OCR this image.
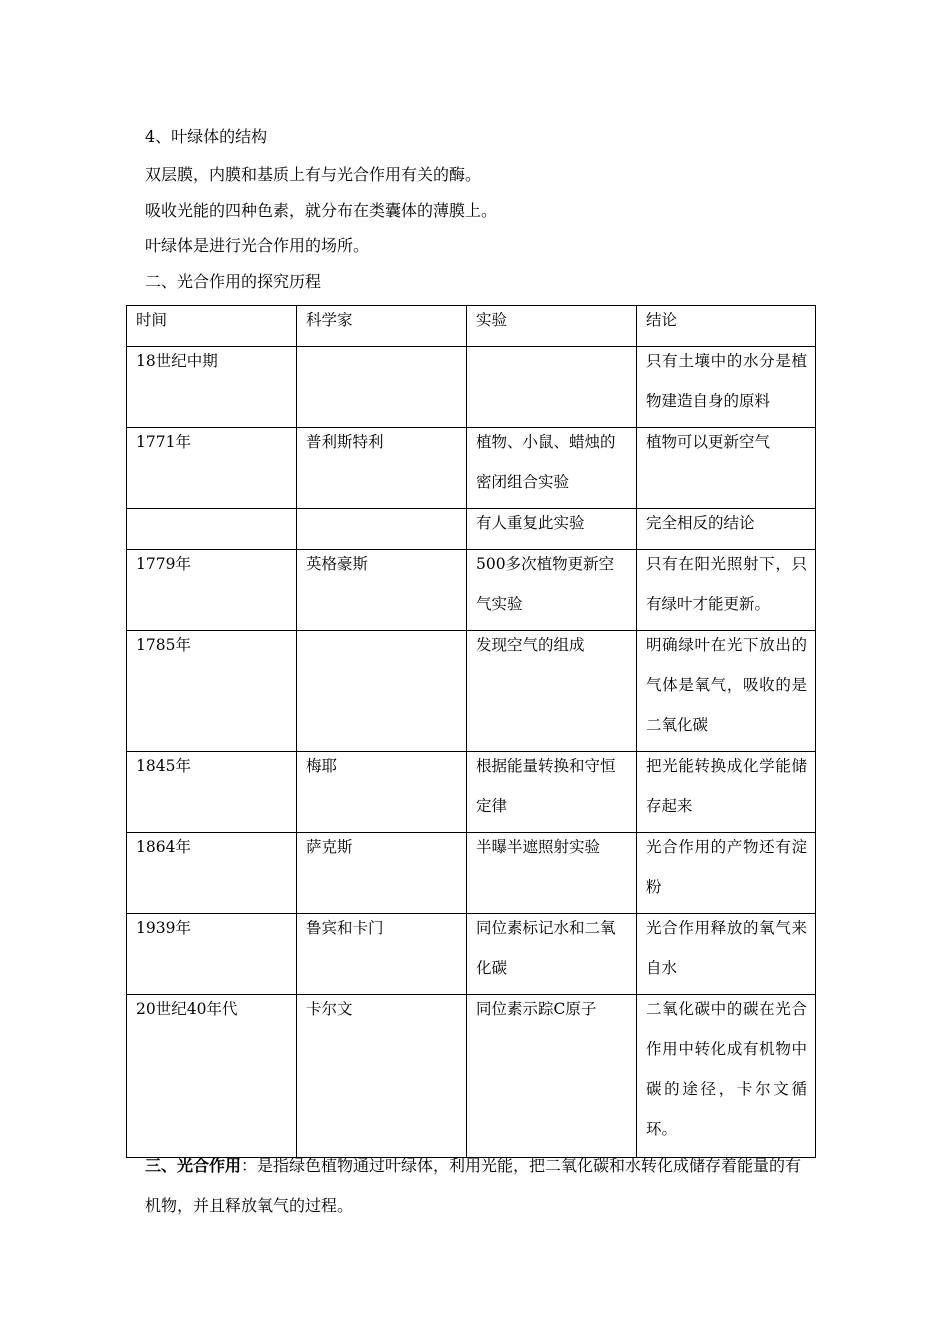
4、叶绿体的结构
双层膜，内膜和基质上有与光合作用有关的酶。
吸收光能的四种色素，就分布在类囊体的薄膜上。
叶绿体是进行光合作用的场所。
二、光合作用的探究历程
时间	科学家	实验	结论

18世纪中期			只有土壤中的水分是植物建造自身的原料

1771年	普利斯特利	植物、小鼠、蜡烛的密闭组合实验	植物可以更新空气

		有人重复此实验	完全相反的结论

1779年	英格豪斯	500多次植物更新空气实验	只有在阳光照射下，只有绿叶才能更新。

1785年		发现空气的组成	明确绿叶在光下放出的气体是氧气，吸收的是二氧化碳

1845年	梅耶	根据能量转换和守恒定律	把光能转换成化学能储存起来

1864年	萨克斯	半曝半遮照射实验	光合作用的产物还有淀粉

1939年	鲁宾和卡门	同位素标记水和二氧化碳	光合作用释放的氧气来自水

20世纪40年代	卡尔文	同位素示踪C原子	二氧化碳中的碳在光合作用中转化成有机物中碳的途径，卡尔文循环。
三、光合作用：是指绿色植物通过叶绿体，利用光能，把二氧化碳和水转化成储存着能量的有机物，并且释放氧气的过程。
